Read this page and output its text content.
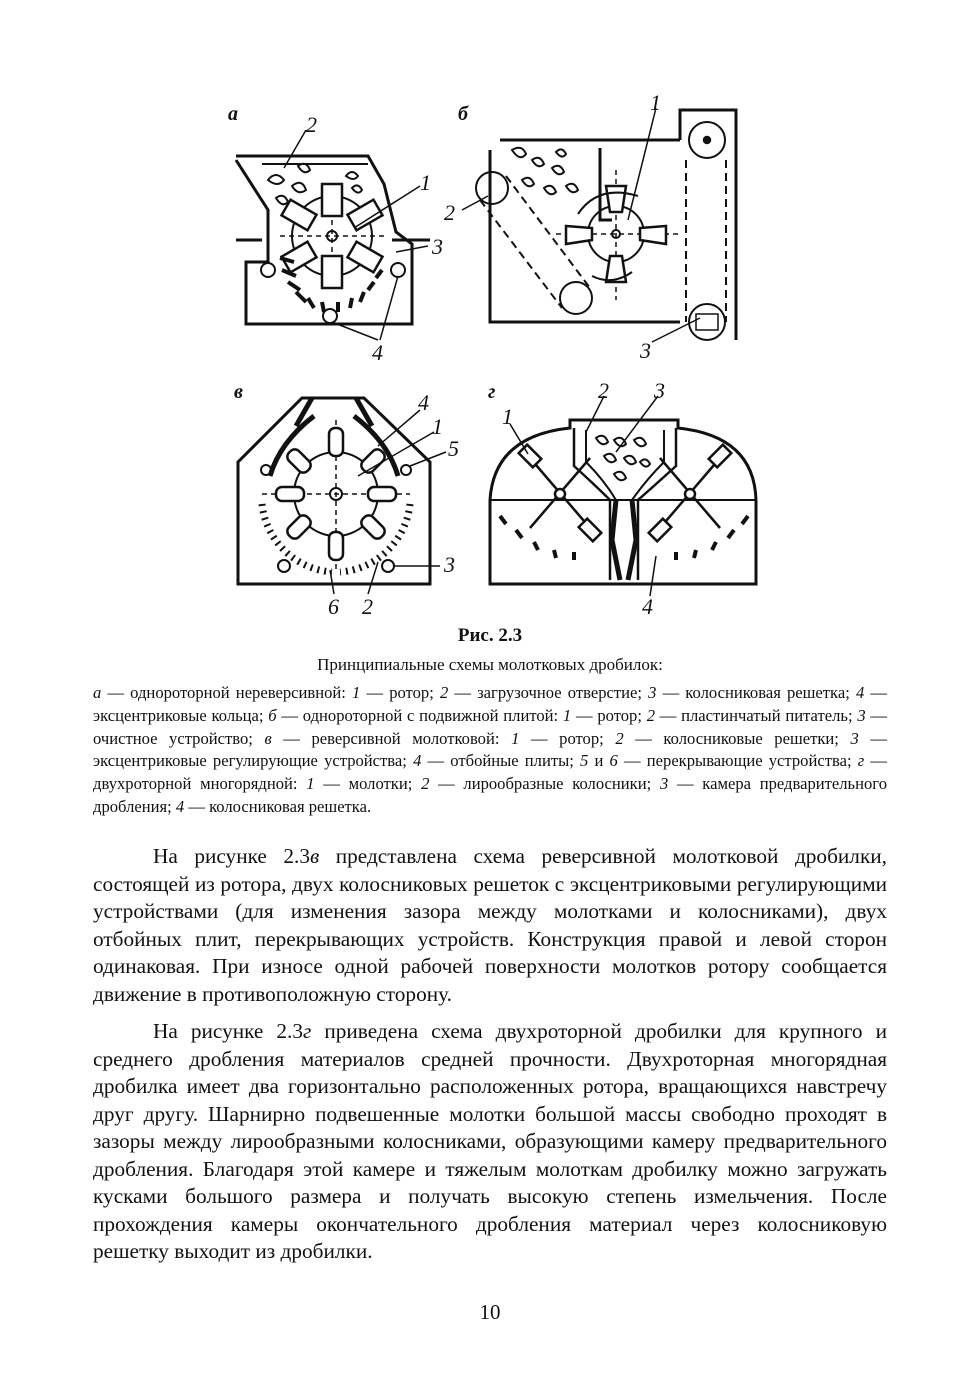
а	2
1
3
4
б	1
2
3
в	4
1
5
3
6 2
г	2 3
1
4
Рис. 2.3
Принципиальные схемы молотковых дробилок:
а — однороторной нереверсивной: 1 — ротор; 2 — загрузочное отверстие; 3 — колосниковая решетка; 4 — эксцентриковые кольца; б — однороторной с подвижной плитой: 1 — ротор; 2 — пластинчатый питатель; 3 — очистное устройство; в — реверсивной молотковой: 1 — ротор; 2 — колосниковые решетки; 3 — эксцентриковые регулирующие устройства; 4 — отбойные плиты; 5 и 6 — перекрывающие устройства; г — двухроторной многорядной: 1 — молотки; 2 — лирообразные колосники; 3 — камера предварительного дробления; 4 — колосниковая решетка.

На рисунке 2.3в представлена схема реверсивной молотковой дробилки, состоящей из ротора, двух колосниковых решеток с эксцентриковыми регулирующими устройствами (для изменения зазора между молотками и колосниками), двух отбойных плит, перекрывающих устройств. Конструкция правой и левой сторон одинаковая. При износе одной рабочей поверхности молотков ротору сообщается движение в противоположную сторону.

На рисунке 2.3г приведена схема двухроторной дробилки для крупного и среднего дробления материалов средней прочности. Двухроторная многорядная дробилка имеет два горизонтально расположенных ротора, вращающихся навстречу друг другу. Шарнирно подвешенные молотки большой массы свободно проходят в зазоры между лирообразными колосниками, образующими камеру предварительного дробления. Благодаря этой камере и тяжелым молоткам дробилку можно загружать кусками большого размера и получать высокую степень измельчения. После прохождения камеры окончательного дробления материал через колосниковую решетку выходит из дробилки.

10
